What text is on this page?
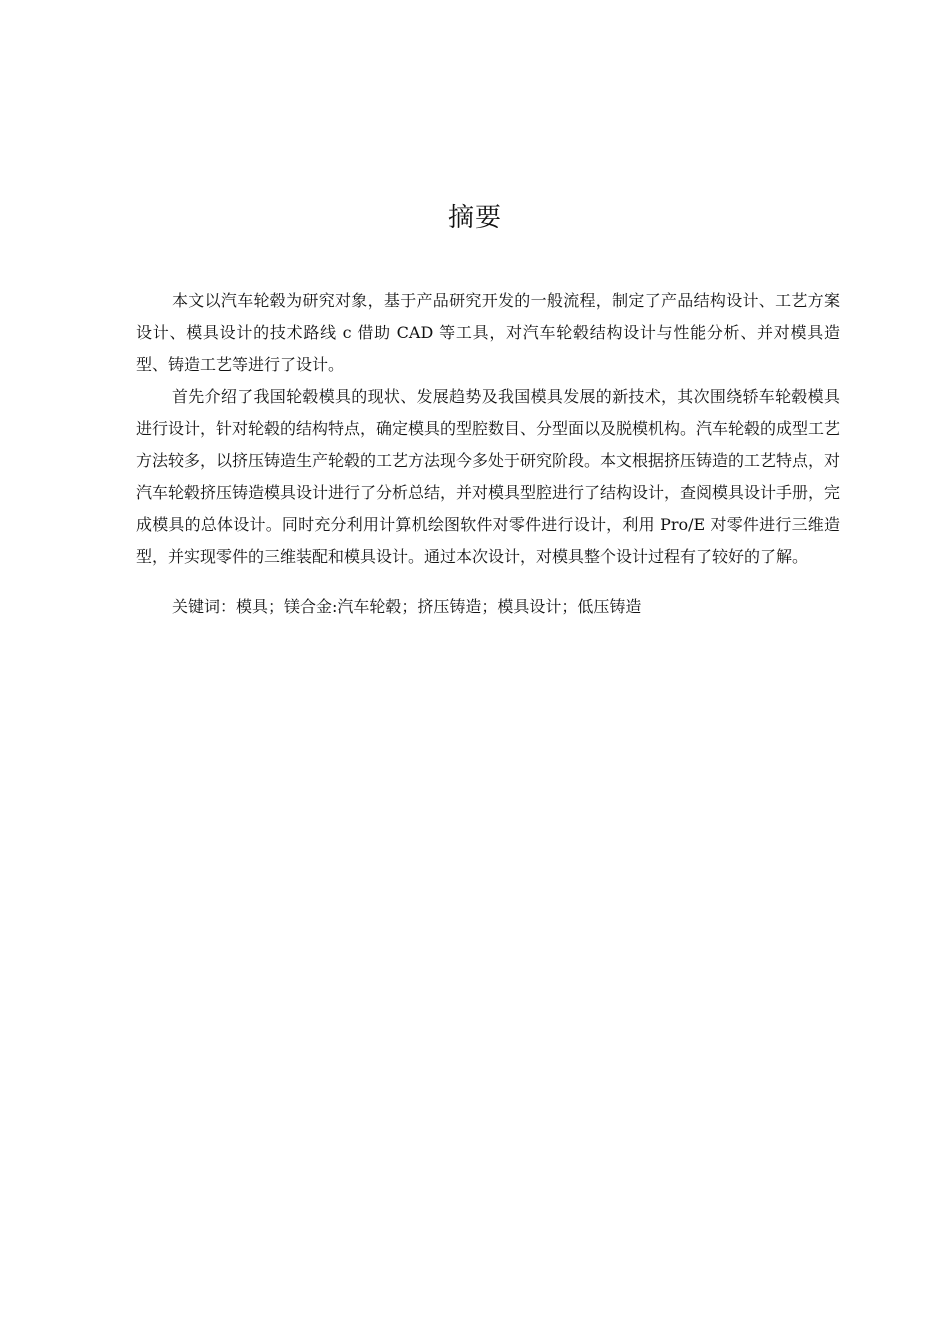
摘要

本文以汽车轮毂为研究对象，基于产品研究开发的一般流程，制定了产品结构设计、工艺方案设计、模具设计的技术路线 c 借助 CAD 等工具，对汽车轮毂结构设计与性能分析、并对模具造型、铸造工艺等进行了设计。

首先介绍了我国轮毂模具的现状、发展趋势及我国模具发展的新技术，其次围绕轿车轮毂模具进行设计，针对轮毂的结构特点，确定模具的型腔数目、分型面以及脱模机构。汽车轮毂的成型工艺方法较多，以挤压铸造生产轮毂的工艺方法现今多处于研究阶段。本文根据挤压铸造的工艺特点，对汽车轮毂挤压铸造模具设计进行了分析总结，并对模具型腔进行了结构设计，查阅模具设计手册，完成模具的总体设计。同时充分利用计算机绘图软件对零件进行设计，利用 Pro/E 对零件进行三维造型，并实现零件的三维装配和模具设计。通过本次设计，对模具整个设计过程有了较好的了解。

关键词：模具；镁合金:汽车轮毂；挤压铸造；模具设计；低压铸造
